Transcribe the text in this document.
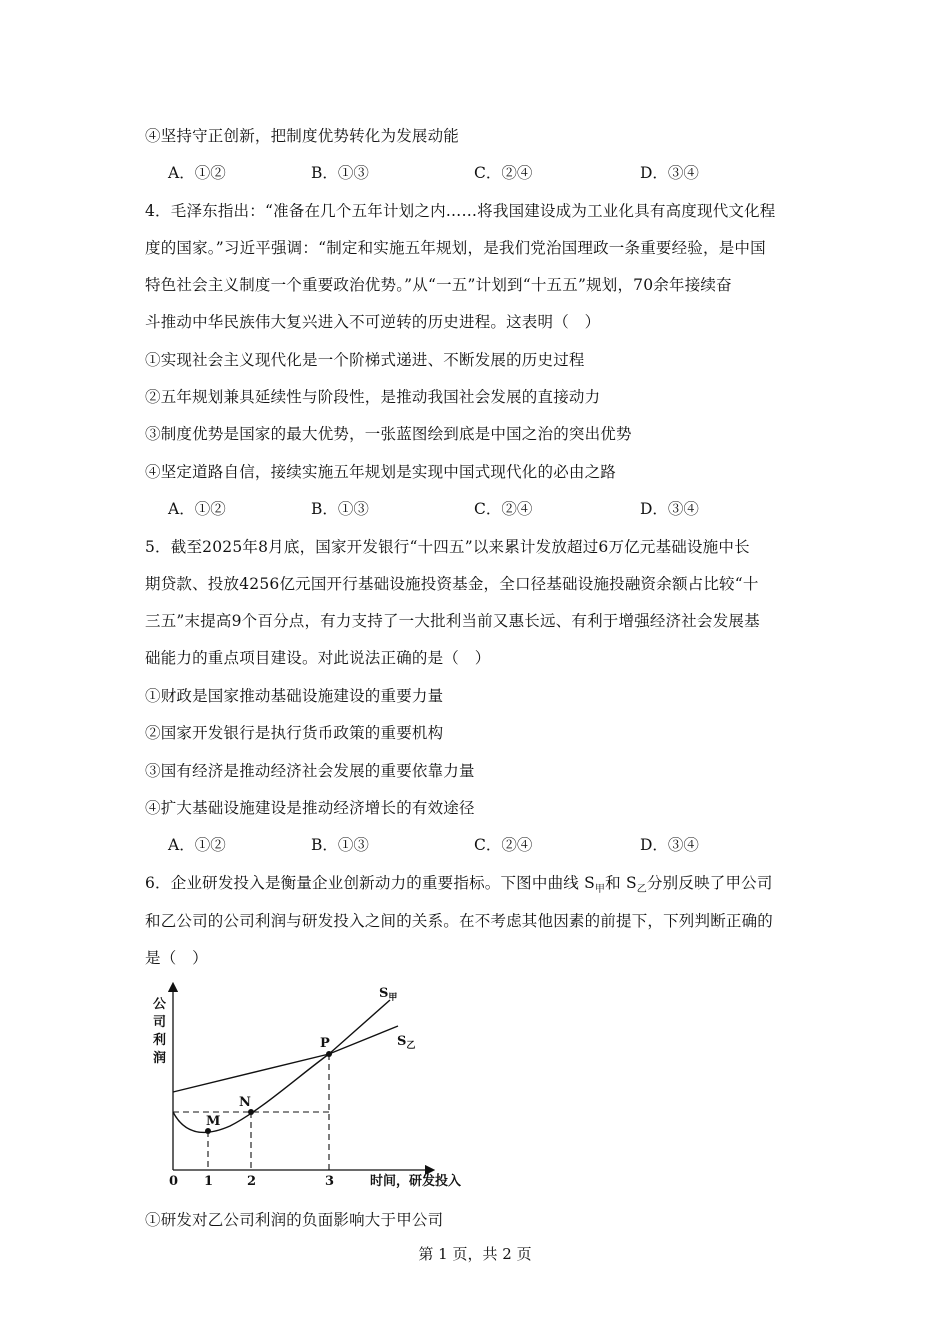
④坚持守正创新，把制度优势转化为发展动能
A．①②	B．①③	C．②④	D．③④
4．毛泽东指出：“准备在几个五年计划之内……将我国建设成为工业化具有高度现代文化程
度的国家。”习近平强调：“制定和实施五年规划，是我们党治国理政一条重要经验，是中国
特色社会主义制度一个重要政治优势。”从“一五”计划到“十五五”规划，70余年接续奋
斗推动中华民族伟大复兴进入不可逆转的历史进程。这表明（　）
①实现社会主义现代化是一个阶梯式递进、不断发展的历史过程
②五年规划兼具延续性与阶段性，是推动我国社会发展的直接动力
③制度优势是国家的最大优势，一张蓝图绘到底是中国之治的突出优势
④坚定道路自信，接续实施五年规划是实现中国式现代化的必由之路
A．①②	B．①③	C．②④	D．③④
5．截至2025年8月底，国家开发银行“十四五”以来累计发放超过6万亿元基础设施中长
期贷款、投放4256亿元国开行基础设施投资基金，全口径基础设施投融资余额占比较“十
三五”末提高9个百分点，有力支持了一大批利当前又惠长远、有利于增强经济社会发展基
础能力的重点项目建设。对此说法正确的是（　）
①财政是国家推动基础设施建设的重要力量
②国家开发银行是执行货币政策的重要机构
③国有经济是推动经济社会发展的重要依靠力量
④扩大基础设施建设是推动经济增长的有效途径
A．①②	B．①③	C．②④	D．③④
6．企业研发投入是衡量企业创新动力的重要指标。下图中曲线 $S_甲$和 $S_乙$分别反映了甲公司
和乙公司的公司利润与研发投入之间的关系。在不考虑其他因素的前提下，下列判断正确的
是（　）
公
司
利
润
M
N
P
$S_甲$
$S_乙$
0 1	2	3	时间，研发投入
①研发对乙公司利润的负面影响大于甲公司
第 1 页，共 2 页
